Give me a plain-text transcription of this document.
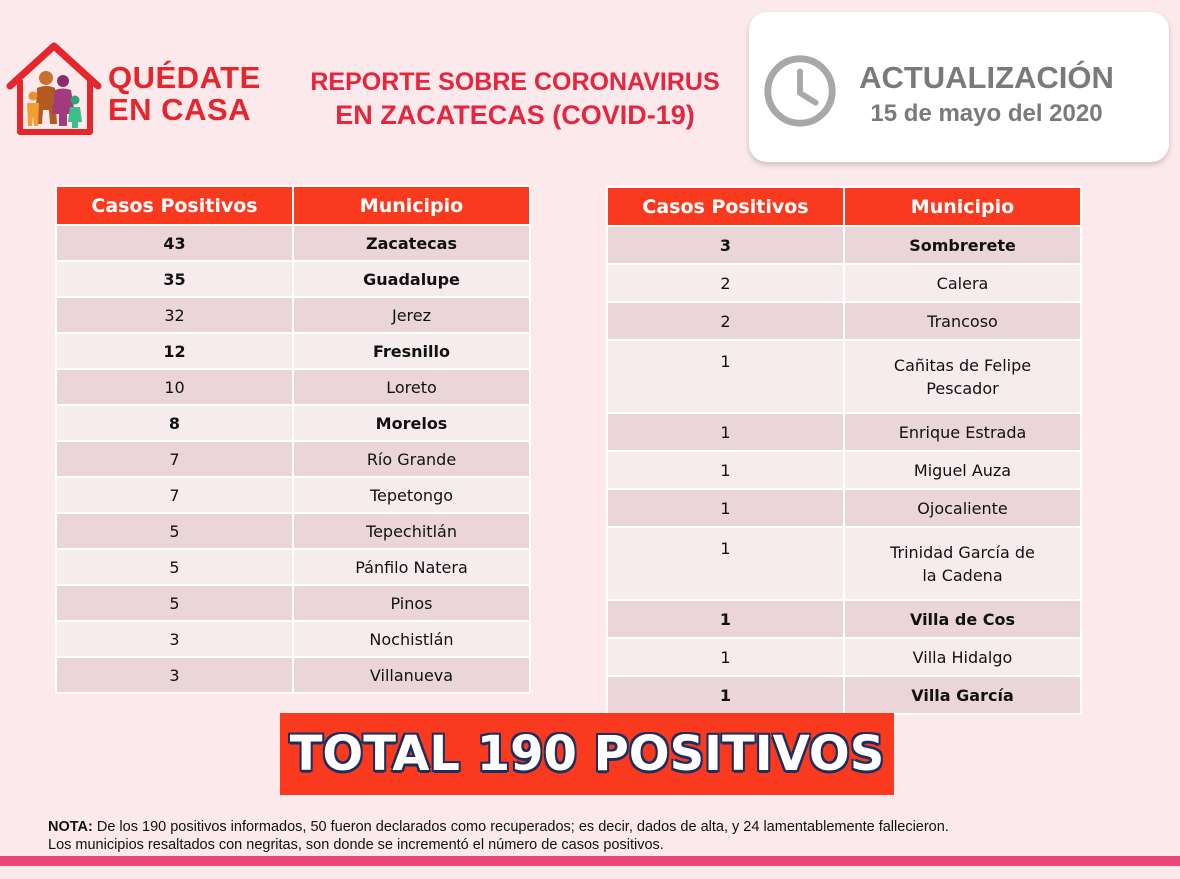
QUÉDATE
EN CASA
REPORTE SOBRE CORONAVIRUS
EN ZACATECAS (COVID-19)
ACTUALIZACIÓN
15 de mayo del 2020
Casos Positivos	Municipio
43	Zacatecas
35	Guadalupe
32	Jerez
12	Fresnillo
10	Loreto
8	Morelos
7	Río Grande
7	Tepetongo
5	Tepechitlán
5	Pánfilo Natera
5	Pinos
3	Nochistlán
3	Villanueva
Casos Positivos	Municipio
3	Sombrerete
2	Calera
2	Trancoso
1	Cañitas de Felipe Pescador
1	Enrique Estrada
1	Miguel Auza
1	Ojocaliente
1	Trinidad García de la Cadena
1	Villa de Cos
1	Villa Hidalgo
1	Villa García
TOTAL 190 POSITIVOS
NOTA: De los 190 positivos informados, 50 fueron declarados como recuperados; es decir, dados de alta, y 24 lamentablemente fallecieron.
Los municipios resaltados con negritas, son donde se incrementó el número de casos positivos.
